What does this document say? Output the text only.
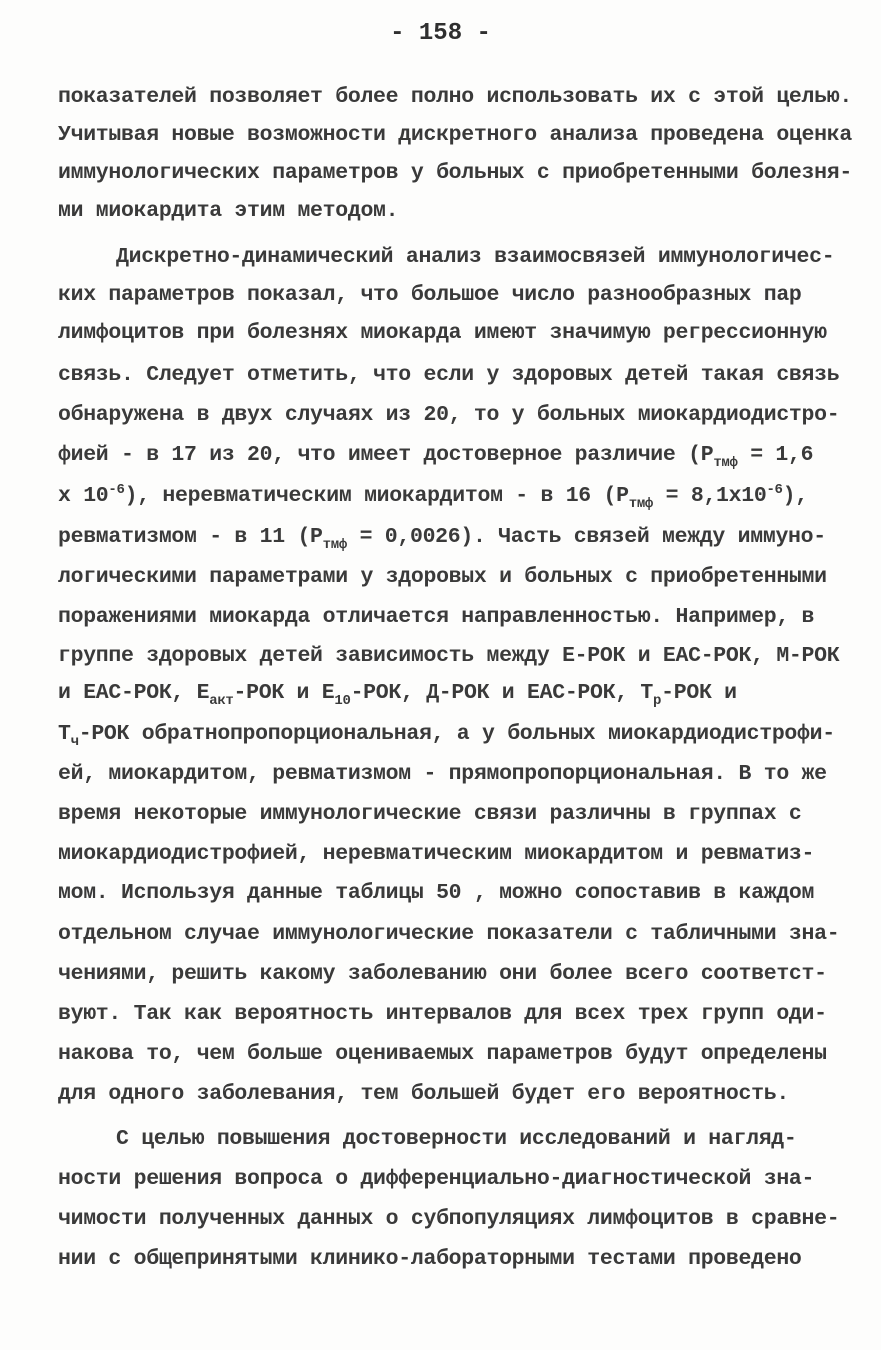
- 158 -
показателей позволяет более полно использовать их с этой целью.
Учитывая новые возможности дискретного анализа проведена оценка
иммунологических параметров у больных с приобретенными болезня-
ми миокардита этим методом.
Дискретно-динамический анализ взаимосвязей иммунологичес-
ких параметров показал, что большое число разнообразных пар
лимфоцитов при болезнях миокарда имеют значимую регрессионную
связь. Следует отметить, что если у здоровых детей такая связь
обнаружена в двух случаях из 20, то у больных миокардиодистро-
фией - в 17 из 20, что имеет достоверное различие ($P_{тмф} = 1,6$
x $10^{-6}$), неревматическим миокардитом - в 16 $(P_{тмф} = 8,1x10^{-6})$,
ревматизмом - в 11 $(P_{тмф} = 0,0026)$. Часть связей между иммуно-
логическими параметрами у здоровых и больных с приобретенными
поражениями миокарда отличается направленностью. Например, в
группе здоровых детей зависимость между Е-РОК и ЕАС-РОК, М-РОК
и ЕАС-РОК, $Е_{акт}$-РОК и $Е_{10}$-РОК, Д-РОК и ЕАС-РОК, $Т_р$-РОК и
$Т_ч$-РОК обратнопропорциональная, а у больных миокардиодистрофи-
ей, миокардитом, ревматизмом - прямопропорциональная. В то же
время некоторые иммунологические связи различны в группах с
миокардиодистрофией, неревматическим миокардитом и ревматиз-
мом. Используя данные таблицы 50 , можно сопоставив в каждом
отдельном случае иммунологические показатели с табличными зна-
чениями, решить какому заболеванию они более всего соответст-
вуют. Так как вероятность интервалов для всех трех групп оди-
накова то, чем больше оцениваемых параметров будут определены
для одного заболевания, тем большей будет его вероятность.
С целью повышения достоверности исследований и нагляд-
ности решения вопроса о дифференциально-диагностической зна-
чимости полученных данных о субпопуляциях лимфоцитов в сравне-
нии с общепринятыми клинико-лабораторными тестами проведено
